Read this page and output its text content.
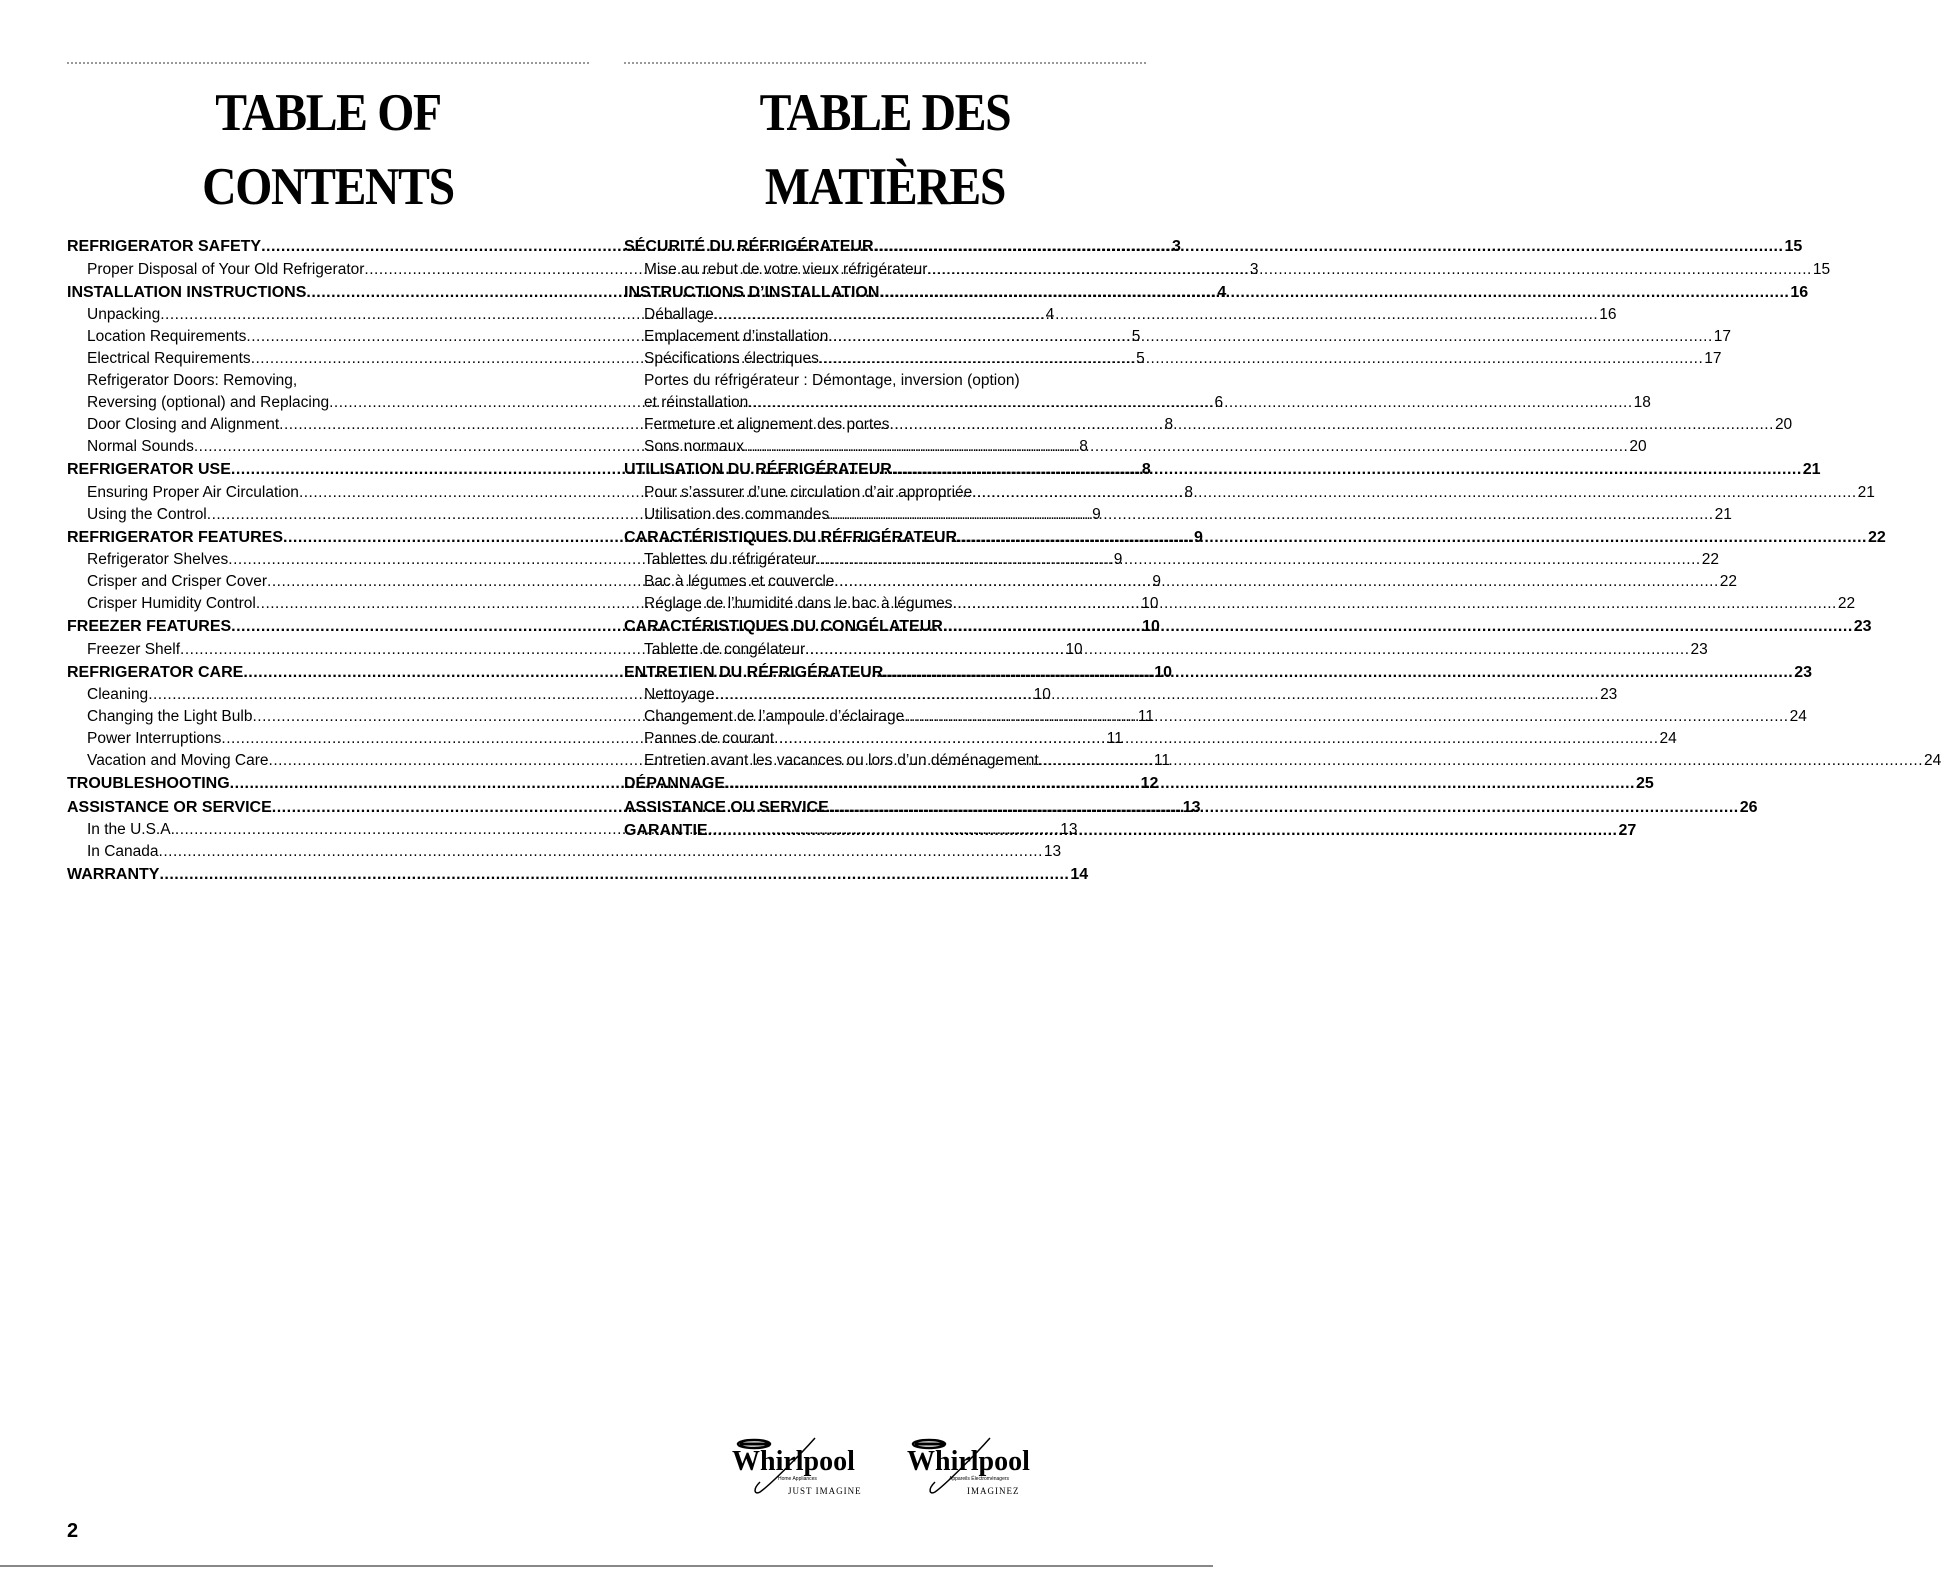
TABLE OF CONTENTS
REFRIGERATOR SAFETY .....	3
Proper Disposal of Your Old Refrigerator .....	3
INSTALLATION INSTRUCTIONS .....	4
Unpacking .....	4
Location Requirements .....	5
Electrical Requirements .....	5
Refrigerator Doors: Removing,
Reversing (optional) and Replacing .....	6
Door Closing and Alignment .....	8
Normal Sounds .....	8
REFRIGERATOR USE .....	8
Ensuring Proper Air Circulation .....	8
Using the Control .....	9
REFRIGERATOR FEATURES .....	9
Refrigerator Shelves .....	9
Crisper and Crisper Cover .....	9
Crisper Humidity Control .....	10
FREEZER FEATURES .....	10
Freezer Shelf .....	10
REFRIGERATOR CARE .....	10
Cleaning .....	10
Changing the Light Bulb .....	11
Power Interruptions .....	11
Vacation and Moving Care .....	11
TROUBLESHOOTING .....	12
ASSISTANCE OR SERVICE .....	13
In the U.S.A. .....	13
In Canada .....	13
WARRANTY .....	14
TABLE DES MATIÈRES
SÉCURITÉ DU RÉFRIGÉRATEUR .....	15
Mise au rebut de votre vieux réfrigérateur .....	15
INSTRUCTIONS D’INSTALLATION .....	16
Déballage .....	16
Emplacement d’installation .....	17
Spécifications électriques .....	17
Portes du réfrigérateur : Démontage, inversion (option)
et réinstallation .....	18
Fermeture et alignement des portes .....	20
Sons normaux .....	20
UTILISATION DU RÉFRIGÉRATEUR .....	21
Pour s’assurer d’une circulation d’air appropriée .....	21
Utilisation des commandes .....	21
CARACTÉRISTIQUES DU RÉFRIGÉRATEUR .....	22
Tablettes du réfrigérateur .....	22
Bac à légumes et couvercle .....	22
Réglage de l’humidité dans le bac à légumes .....	22
CARACTÉRISTIQUES DU CONGÉLATEUR .....	23
Tablette de congélateur .....	23
ENTRETIEN DU RÉFRIGÉRATEUR .....	23
Nettoyage .....	23
Changement de l’ampoule d’éclairage .....	24
Pannes de courant .....	24
Entretien avant les vacances ou lors d’un déménagement .....	24
DÉPANNAGE .....	25
ASSISTANCE OU SERVICE .....	26
GARANTIE .....	27
Whirlpool
Home Appliances
JUST IMAGINE
Whirlpool
Appareils Électroménagers
IMAGINEZ
2
